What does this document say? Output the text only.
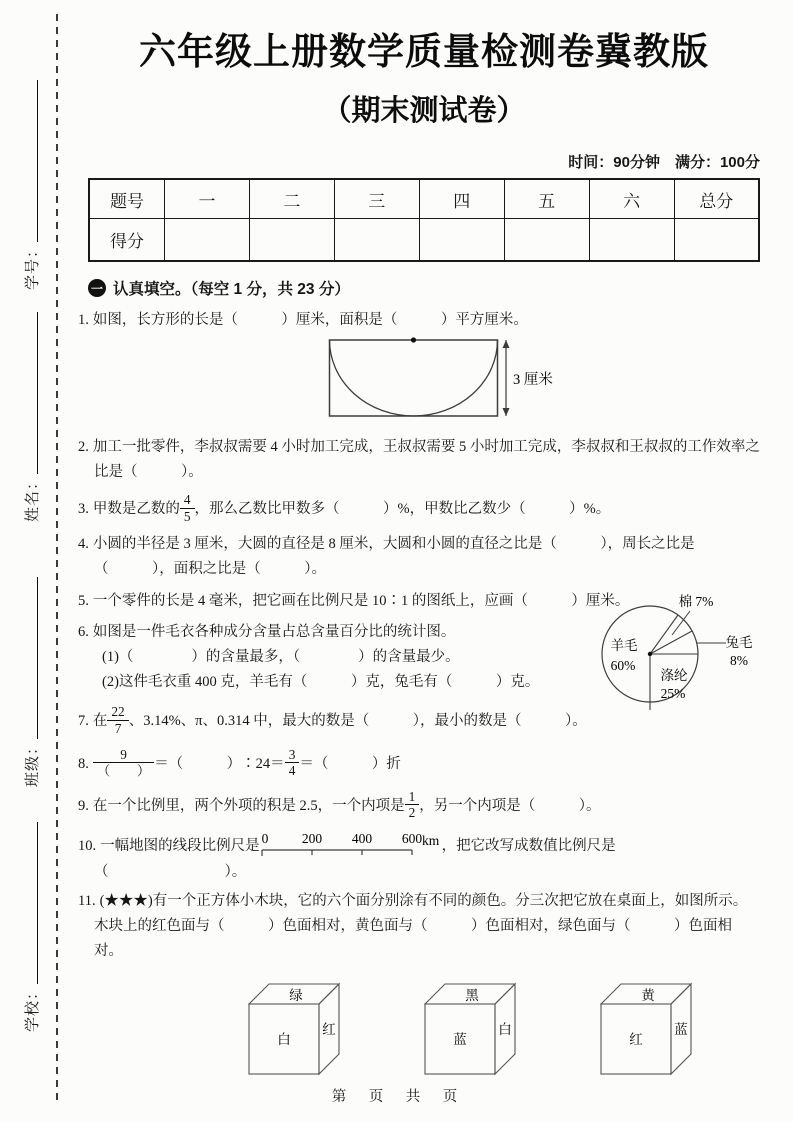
学号：
姓名：
班级：
学校：
六年级上册数学质量检测卷冀教版
（期末测试卷）
时间：90分钟　满分：100分
题号	一	二	三	四	五	六	总分
得分							
一 认真填空。（每空 1 分，共 23 分）
1. 如图，长方形的长是（　　　）厘米，面积是（　　　）平方厘米。
3 厘米
2. 加工一批零件，李叔叔需要 4 小时加工完成，王叔叔需要 5 小时加工完成，李叔叔和王叔叔的工作效率之比是（　　　）。
3. 甲数是乙数的 $\frac{4}{5}$ ，那么乙数比甲数多（　　　）%，甲数比乙数少（　　　）%。
4. 小圆的半径是 3 厘米，大圆的直径是 8 厘米，大圆和小圆的直径之比是（　　　），周长之比是（　　　），面积之比是（　　　）。
5. 一个零件的长是 4 毫米，把它画在比例尺是 10∶1 的图纸上，应画（　　　）厘米。
6. 如图是一件毛衣各种成分含量占总含量百分比的统计图。
(1)（　　　　）的含量最多，（　　　　）的含量最少。
(2)这件毛衣重 400 克，羊毛有（　　　）克，兔毛有（　　　）克。
7. 在 $\frac{22}{7}$ 、3.14%、π、0.314 中，最大的数是（　　　），最小的数是（　　　）。
8. $\frac{9}{( )}$ ＝（　　　）∶24＝ $\frac{3}{4}$ ＝（　　　）折
9. 在一个比例里，两个外项的积是 2.5，一个内项是 $\frac{1}{2}$ ，另一个内项是（　　　）。
10. 一幅地图的线段比例尺是 0 200 400 600 km ，把它改写成数值比例尺是（　　　　　　　　）。
11. (★★★)有一个正方体小木块，它的六个面分别涂有不同的颜色。分三次把它放在桌面上，如图所示。木块上的红色面与（　　　）色面相对，黄色面与（　　　）色面相对，绿色面与（　　　）色面相对。
绿
白
红
黑
蓝
白
黄
红
蓝
棉 7%
兔毛
8%
羊毛
60%
涤纶
25%
第　页　共　页
